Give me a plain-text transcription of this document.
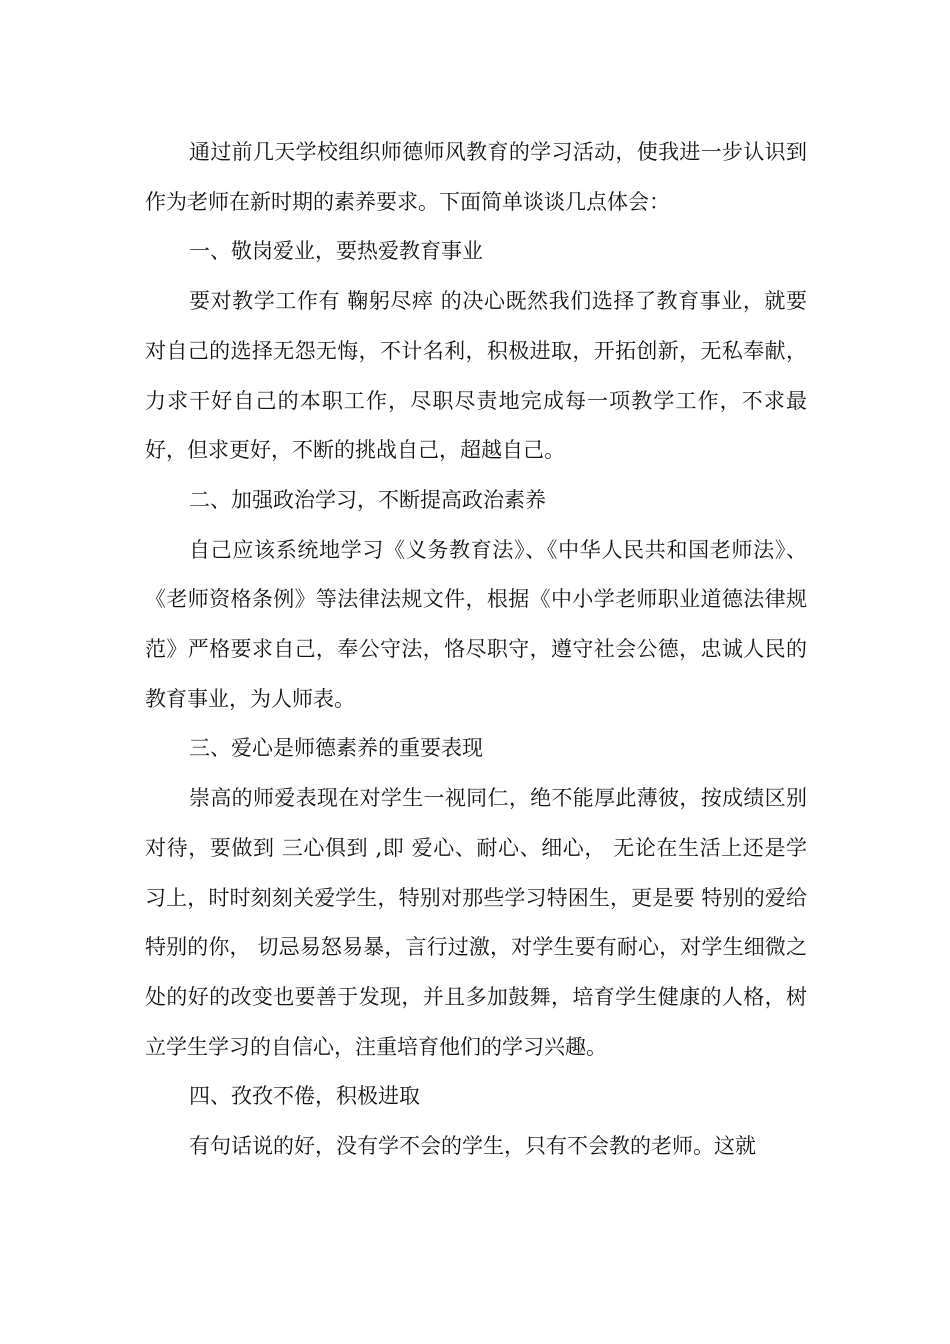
通过前几天学校组织师德师风教育的学习活动，使我进一步认识到作为老师在新时期的素养要求。下面简单谈谈几点体会：

一、敬岗爱业，要热爱教育事业

要对教学工作有 鞠躬尽瘁 的决心既然我们选择了教育事业，就要对自己的选择无怨无悔，不计名利，积极进取，开拓创新，无私奉献，力求干好自己的本职工作，尽职尽责地完成每一项教学工作，不求最好，但求更好，不断的挑战自己，超越自己。

二、加强政治学习，不断提高政治素养

自己应该系统地学习《义务教育法》、《中华人民共和国老师法》、《老师资格条例》等法律法规文件，根据《中小学老师职业道德法律规范》严格要求自己，奉公守法，恪尽职守，遵守社会公德，忠诚人民的教育事业，为人师表。

三、爱心是师德素养的重要表现

崇高的师爱表现在对学生一视同仁，绝不能厚此薄彼，按成绩区别对待，要做到 三心俱到 ,即 爱心、耐心、细心， 无论在生活上还是学习上，时时刻刻关爱学生，特别对那些学习特困生，更是要 特别的爱给特别的你， 切忌易怒易暴，言行过激，对学生要有耐心，对学生细微之处的好的改变也要善于发现，并且多加鼓舞，培育学生健康的人格，树立学生学习的自信心，注重培育他们的学习兴趣。

四、孜孜不倦，积极进取

有句话说的好，没有学不会的学生，只有不会教的老师。这就
